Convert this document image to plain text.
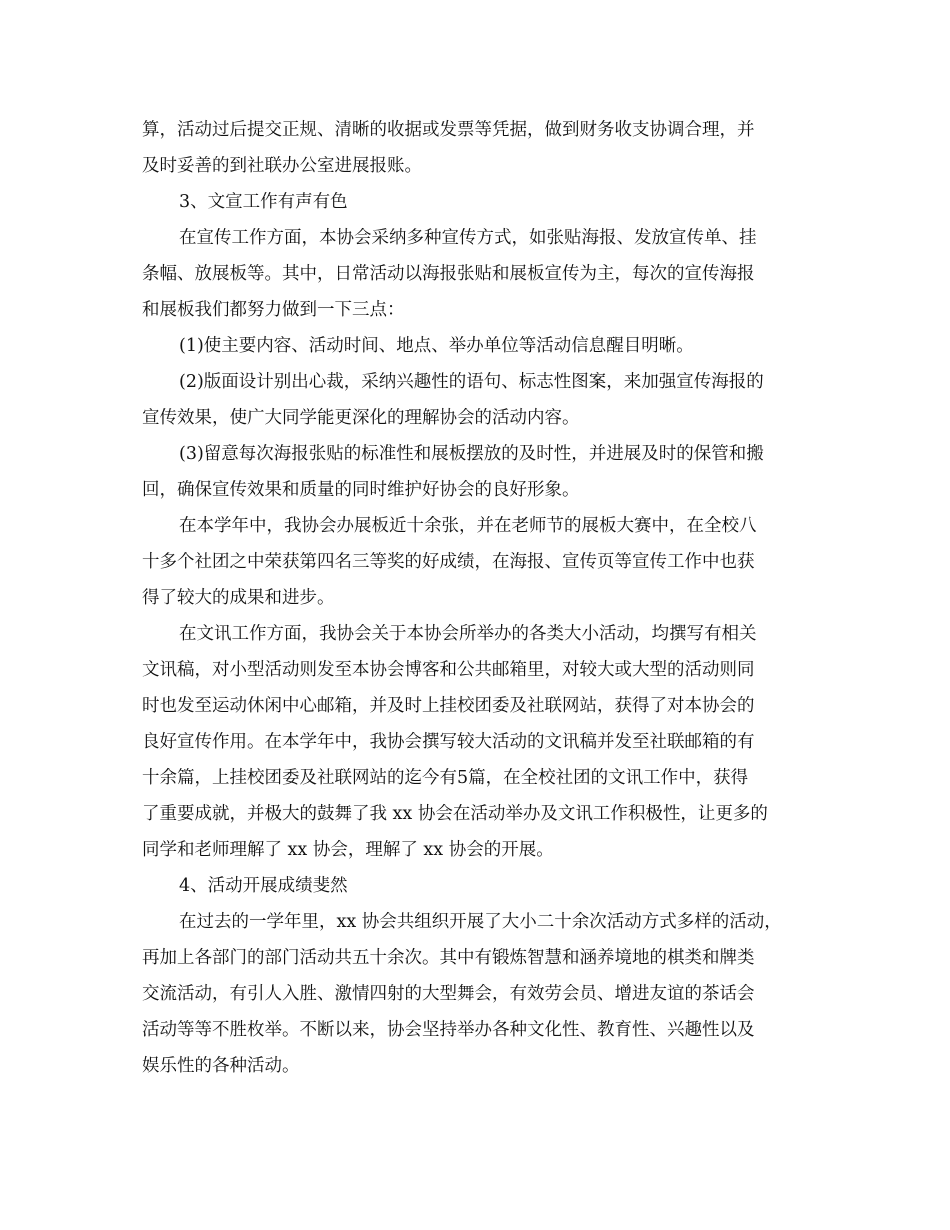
算，活动过后提交正规、清晰的收据或发票等凭据，做到财务收支协调合理，并
及时妥善的到社联办公室进展报账。
3、文宣工作有声有色
在宣传工作方面，本协会采纳多种宣传方式，如张贴海报、发放宣传单、挂
条幅、放展板等。其中，日常活动以海报张贴和展板宣传为主，每次的宣传海报
和展板我们都努力做到一下三点：
(1)使主要内容、活动时间、地点、举办单位等活动信息醒目明晰。
(2)版面设计别出心裁，采纳兴趣性的语句、标志性图案，来加强宣传海报的
宣传效果，使广大同学能更深化的理解协会的活动内容。
(3)留意每次海报张贴的标准性和展板摆放的及时性，并进展及时的保管和搬
回，确保宣传效果和质量的同时维护好协会的良好形象。
在本学年中，我协会办展板近十余张，并在老师节的展板大赛中，在全校八
十多个社团之中荣获第四名三等奖的好成绩，在海报、宣传页等宣传工作中也获
得了较大的成果和进步。
在文讯工作方面，我协会关于本协会所举办的各类大小活动，均撰写有相关
文讯稿，对小型活动则发至本协会博客和公共邮箱里，对较大或大型的活动则同
时也发至运动休闲中心邮箱，并及时上挂校团委及社联网站，获得了对本协会的
良好宣传作用。在本学年中，我协会撰写较大活动的文讯稿并发至社联邮箱的有
十余篇，上挂校团委及社联网站的迄今有5篇，在全校社团的文讯工作中，获得
了重要成就，并极大的鼓舞了我 xx 协会在活动举办及文讯工作积极性，让更多的
同学和老师理解了 xx 协会，理解了 xx 协会的开展。
4、活动开展成绩斐然
在过去的一学年里，xx 协会共组织开展了大小二十余次活动方式多样的活动，
再加上各部门的部门活动共五十余次。其中有锻炼智慧和涵养境地的棋类和牌类
交流活动，有引人入胜、激情四射的大型舞会，有效劳会员、增进友谊的茶话会
活动等等不胜枚举。不断以来，协会坚持举办各种文化性、教育性、兴趣性以及
娱乐性的各种活动。
